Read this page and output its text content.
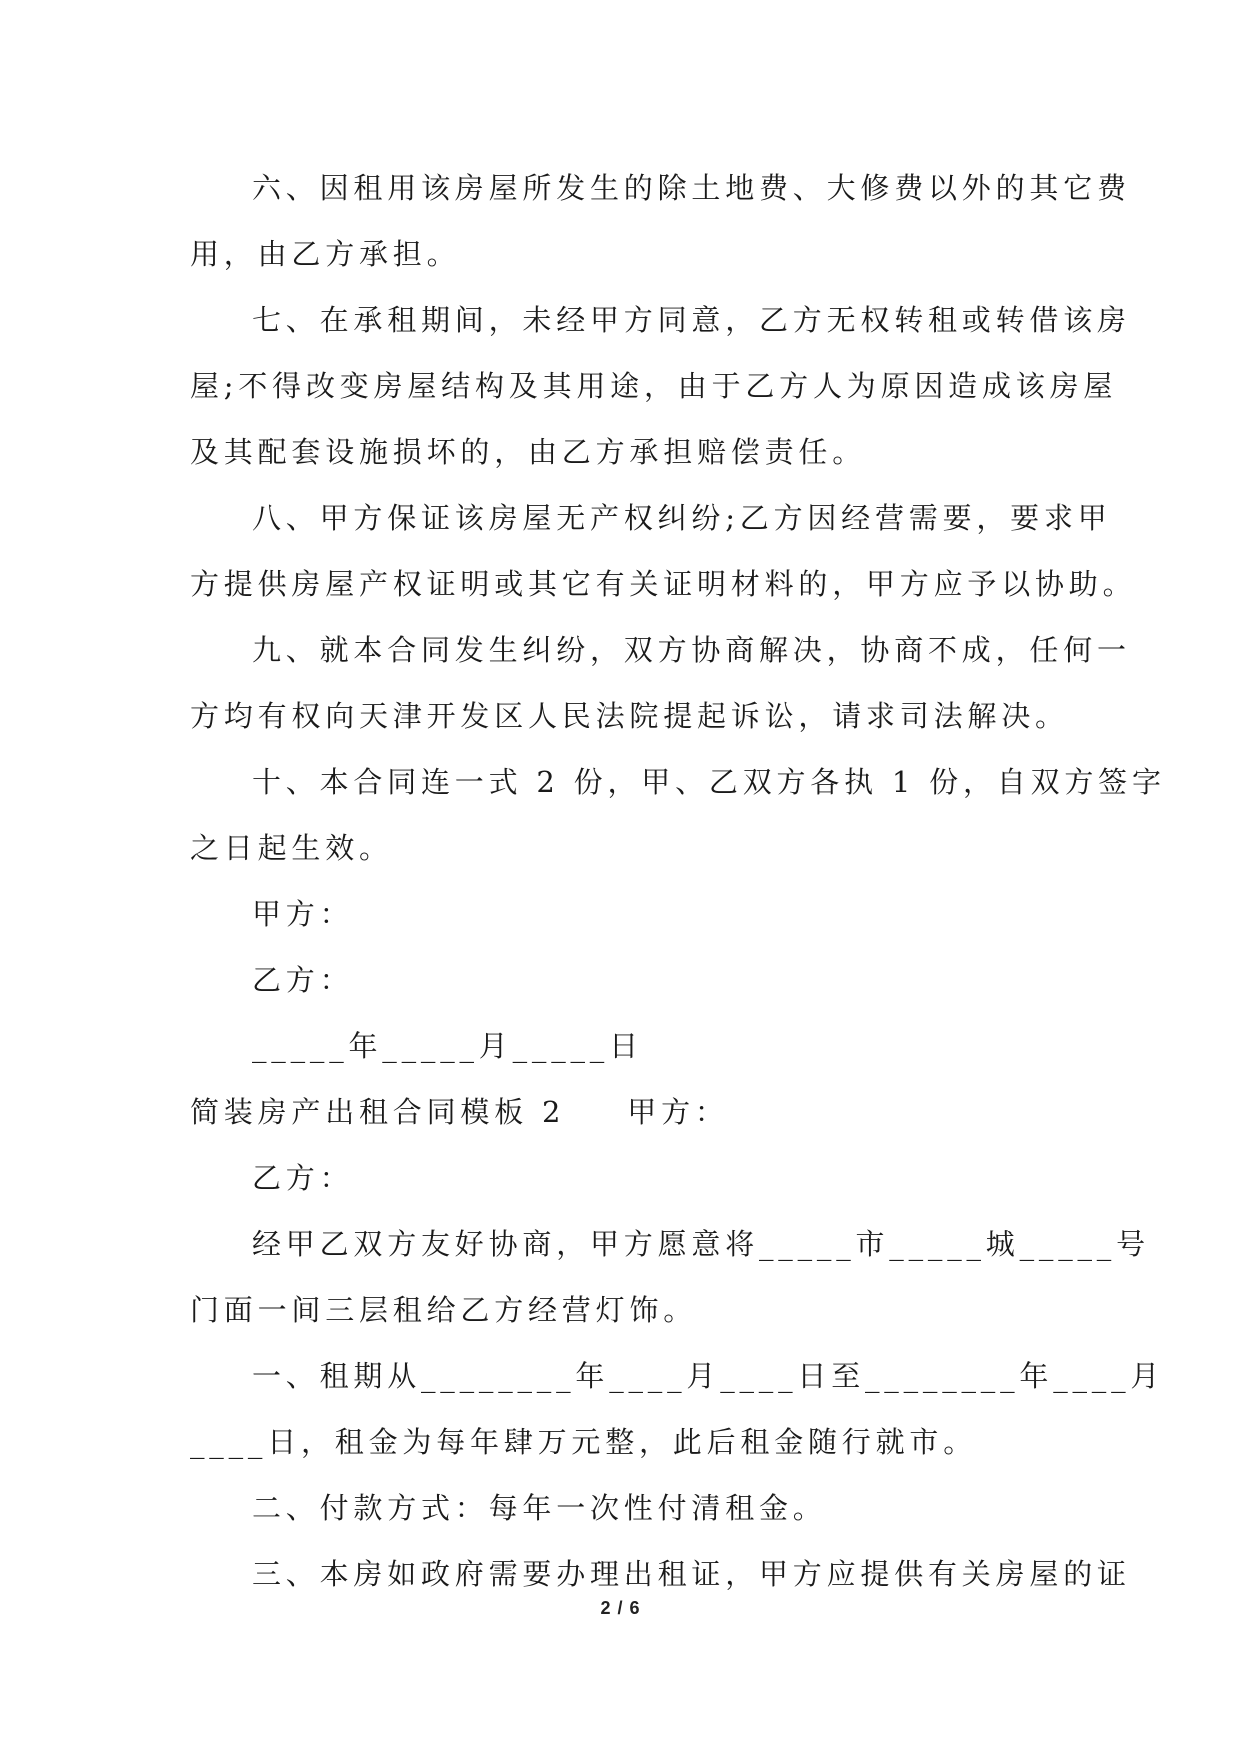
六、因租用该房屋所发生的除土地费、大修费以外的其它费
用，由乙方承担。
七、在承租期间，未经甲方同意，乙方无权转租或转借该房
屋;不得改变房屋结构及其用途，由于乙方人为原因造成该房屋
及其配套设施损坏的，由乙方承担赔偿责任。
八、甲方保证该房屋无产权纠纷;乙方因经营需要，要求甲
方提供房屋产权证明或其它有关证明材料的，甲方应予以协助。
九、就本合同发生纠纷，双方协商解决，协商不成，任何一
方均有权向天津开发区人民法院提起诉讼，请求司法解决。
十、本合同连一式 2 份，甲、乙双方各执 1 份，自双方签字
之日起生效。
甲方：
乙方：
_____年_____月_____日
简装房产出租合同模板 2 甲方：
乙方：
经甲乙双方友好协商，甲方愿意将_____市_____城_____号
门面一间三层租给乙方经营灯饰。
一、租期从________年____月____日至________年____月
____日，租金为每年肆万元整，此后租金随行就市。
二、付款方式：每年一次性付清租金。
三、本房如政府需要办理出租证，甲方应提供有关房屋的证
2 / 6
